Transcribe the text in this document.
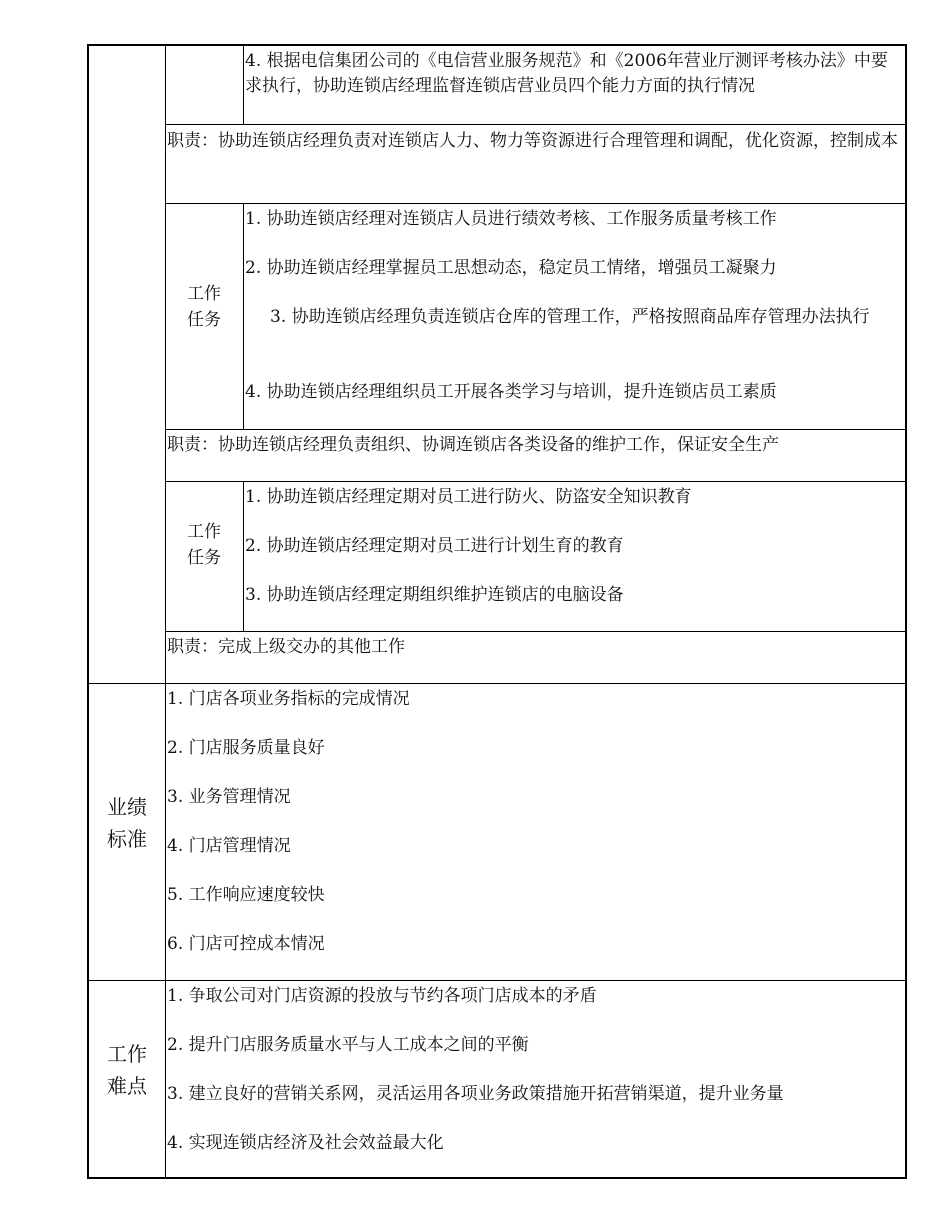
4. 根据电信集团公司的《电信营业服务规范》和《2006年营业厅测评考核办法》中要求执行，协助连锁店经理监督连锁店营业员四个能力方面的执行情况
职责：协助连锁店经理负责对连锁店人力、物力等资源进行合理管理和调配，优化资源，控制成本
工作任务
1. 协助连锁店经理对连锁店人员进行绩效考核、工作服务质量考核工作
2. 协助连锁店经理掌握员工思想动态，稳定员工情绪，增强员工凝聚力
3. 协助连锁店经理负责连锁店仓库的管理工作，严格按照商品库存管理办法执行
4. 协助连锁店经理组织员工开展各类学习与培训，提升连锁店员工素质
职责：协助连锁店经理负责组织、协调连锁店各类设备的维护工作，保证安全生产
工作任务
1. 协助连锁店经理定期对员工进行防火、防盗安全知识教育
2. 协助连锁店经理定期对员工进行计划生育的教育
3. 协助连锁店经理定期组织维护连锁店的电脑设备
职责：完成上级交办的其他工作
业绩标准
1. 门店各项业务指标的完成情况
2. 门店服务质量良好
3. 业务管理情况
4. 门店管理情况
5. 工作响应速度较快
6. 门店可控成本情况
工作难点
1. 争取公司对门店资源的投放与节约各项门店成本的矛盾
2. 提升门店服务质量水平与人工成本之间的平衡
3. 建立良好的营销关系网，灵活运用各项业务政策措施开拓营销渠道，提升业务量
4. 实现连锁店经济及社会效益最大化
